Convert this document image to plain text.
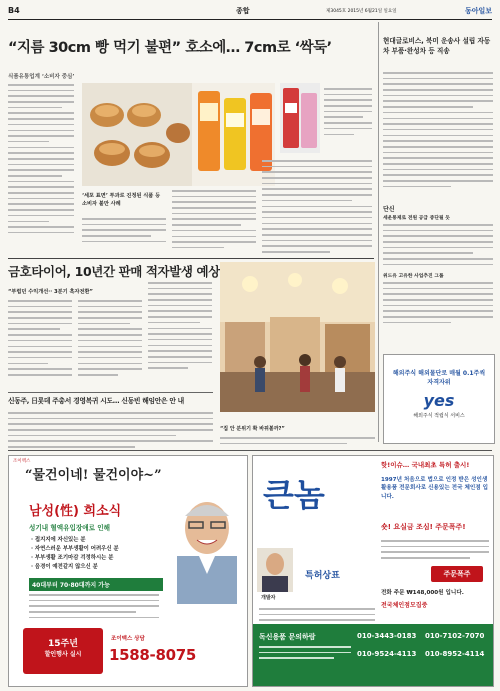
B4	종합	제3045호 2015년 6월21일 일요일	동아일보
“지름 30cm 빵 먹기 불편” 호소에… 7cm로 ‘싹둑’
식품유통업계 ‘소비자 중심’
‘세포 표면’ 투과로 진정된 식품 등 소비자 불만 사례
금호타이어, 10년간 판매 적자발생 예상
“부럽던 수익개선·· 3분기 흑자전환”
“집 안 분위기 확 바뀌볼까?”
신동주, 日롯데 주총서 경영복귀 시도… 신동빈 해임안은 안 내
현대글로비스, 북미 운송사 설립 자동차 부품·완성차 등 직송
단신
세운통제로 전원 공급 중단될 듯
위드유 고유한 사업추진 그룹
해외주식 해외물단로 매월 0.1주씩 자격자위
yes
해외주식 적립식 서비스
조이맥스
“물건이네! 물건이야~”
남성(性) 희소식
성기내 혈액유입장애로 인해
· 접지지에 자신있는 분
· 자연스러운 부부생활이 어려우신 분
· 부부생활 조기마감 걱정하시는 분
· 음경이 예전같지 않으신 분
40대부터 70·80대까지 가능
15주년
할인행사 실시
조이맥스 상담
1588-8075
큰놈
개발자
특허상표
핫!이슈… 국내최초 특허 출시!
1997년 처음으로 법으로 인정 받은 성인생활용품 전문회사로 신용있는 전국 체인점 입니다.
숏! 요실금 조심! 주문폭주!
주문폭주
전화 주문 ₩148,000원 입니다.
전국체인점모집중
독신용품 문의하람	010-3443-0183 010-7102-7070
010-9524-4113 010-8952-4114
